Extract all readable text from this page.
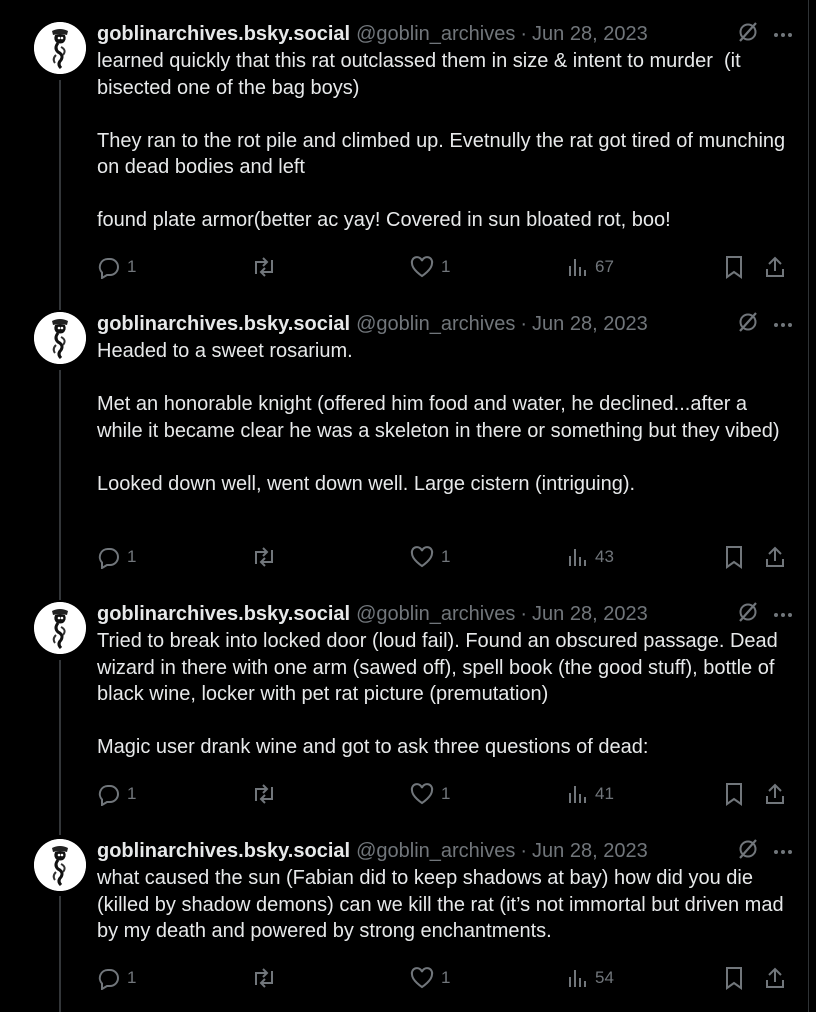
goblinarchives.bsky.social @goblin_archives · Jun 28, 2023
learned quickly that this rat outclassed them in size & intent to murder  (it bisected one of the bag boys)

They ran to the rot pile and climbed up. Evetnully the rat got tired of munching on dead bodies and left

found plate armor(better ac yay! Covered in sun bloated rot, boo!
1	1	67
goblinarchives.bsky.social @goblin_archives · Jun 28, 2023
Headed to a sweet rosarium.

Met an honorable knight (offered him food and water, he declined...after a while it became clear he was a skeleton in there or something but they vibed)

Looked down well, went down well. Large cistern (intriguing).
1	1	43
goblinarchives.bsky.social @goblin_archives · Jun 28, 2023
Tried to break into locked door (loud fail). Found an obscured passage. Dead wizard in there with one arm (sawed off), spell book (the good stuff), bottle of black wine, locker with pet rat picture (premutation)

Magic user drank wine and got to ask three questions of dead:
1	1	41
goblinarchives.bsky.social @goblin_archives · Jun 28, 2023
what caused the sun (Fabian did to keep shadows at bay) how did you die (killed by shadow demons) can we kill the rat (it’s not immortal but driven mad by my death and powered by strong enchantments.
1	1	54
